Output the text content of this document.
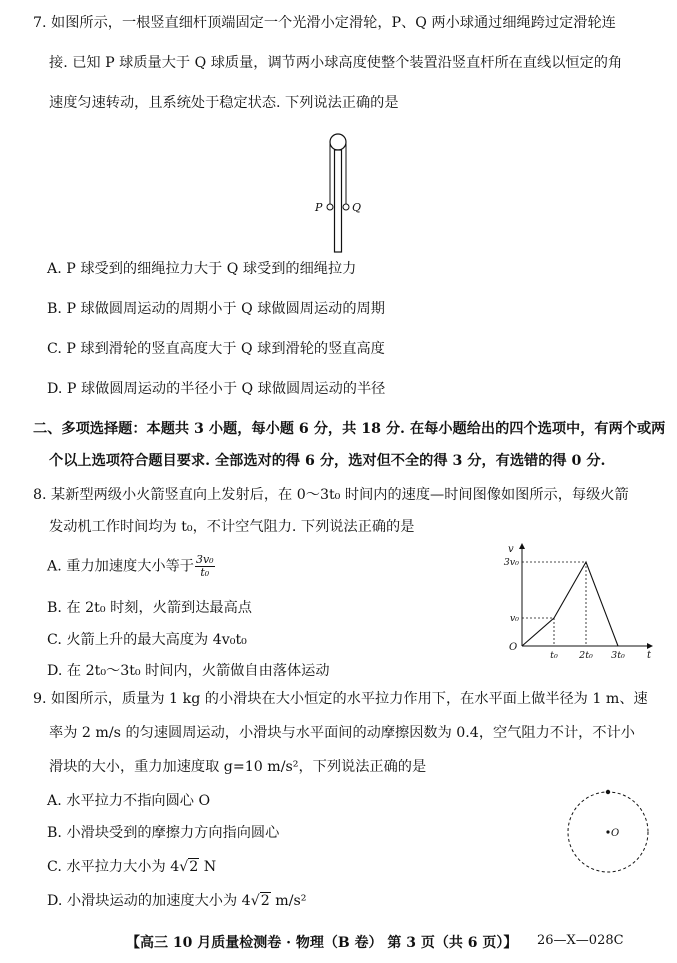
7. 如图所示，一根竖直细杆顶端固定一个光滑小定滑轮，P、Q 两小球通过细绳跨过定滑轮连
接. 已知 P 球质量大于 Q 球质量，调节两小球高度使整个装置沿竖直杆所在直线以恒定的角
速度匀速转动，且系统处于稳定状态. 下列说法正确的是
P	Q
A. P 球受到的细绳拉力大于 Q 球受到的细绳拉力
B. P 球做圆周运动的周期小于 Q 球做圆周运动的周期
C. P 球到滑轮的竖直高度大于 Q 球到滑轮的竖直高度
D. P 球做圆周运动的半径小于 Q 球做圆周运动的半径
二、多项选择题：本题共 3 小题，每小题 6 分，共 18 分. 在每小题给出的四个选项中，有两个或两
个以上选项符合题目要求. 全部选对的得 6 分，选对但不全的得 3 分，有选错的得 0 分.
8. 某新型两级小火箭竖直向上发射后，在 0～3t₀ 时间内的速度—时间图像如图所示，每级火箭
发动机工作时间均为 t₀，不计空气阻力. 下列说法正确的是
A. 重力加速度大小等于 $\frac{\text{3v₀}}{\text{t₀}}$
B. 在 2t₀ 时刻，火箭到达最高点
C. 火箭上升的最大高度为 4v₀t₀
D. 在 2t₀～3t₀ 时间内，火箭做自由落体运动
v
t
O
3v₀
v₀
t₀ 2t₀ 3t₀
9. 如图所示，质量为 1 kg 的小滑块在大小恒定的水平拉力作用下，在水平面上做半径为 1 m、速
率为 2 m/s 的匀速圆周运动，小滑块与水平面间的动摩擦因数为 0.4，空气阻力不计，不计小
滑块的大小，重力加速度取 g=10 m/s²，下列说法正确的是
A. 水平拉力不指向圆心 O
B. 小滑块受到的摩擦力方向指向圆心
C. 水平拉力大小为 4√2 N
D. 小滑块运动的加速度大小为 4√2 m/s²
O
【高三 10 月质量检测卷 · 物理（B 卷） 第 3 页（共 6 页）】 26—X—028C
